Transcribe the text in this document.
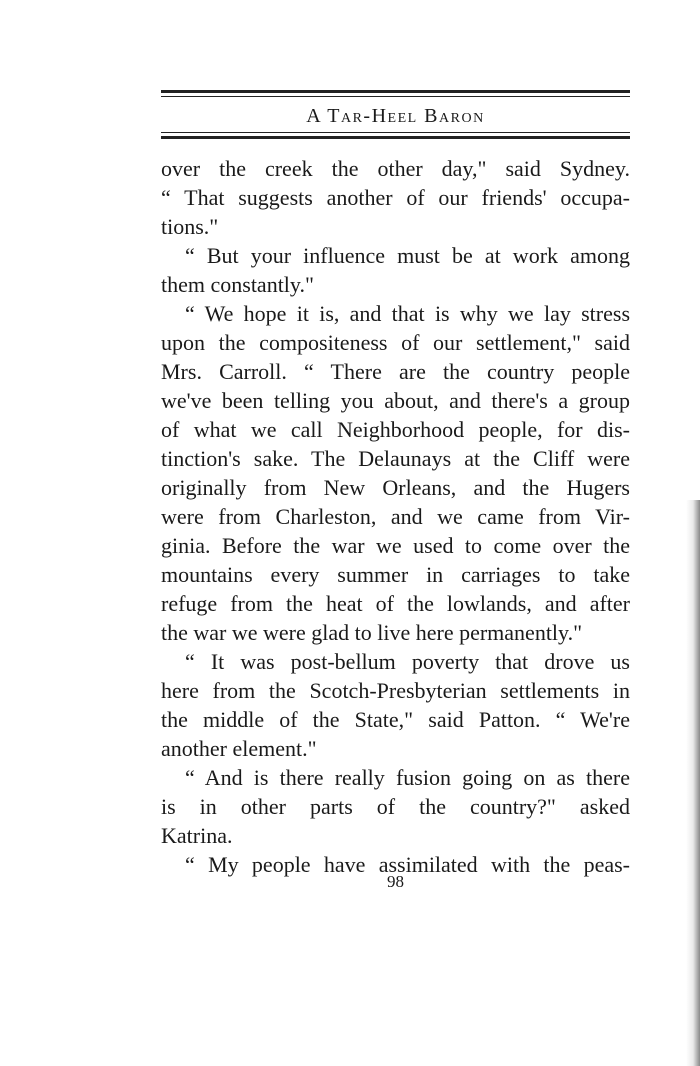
A Tar-Heel Baron
over the creek the other day," said Sydney.
“ That suggests another of our friends' occupa-
tions."
“ But your influence must be at work among
them constantly."
“ We hope it is, and that is why we lay stress
upon the compositeness of our settlement," said
Mrs. Carroll. “ There are the country people
we've been telling you about, and there's a group
of what we call Neighborhood people, for dis-
tinction's sake. The Delaunays at the Cliff were
originally from New Orleans, and the Hugers
were from Charleston, and we came from Vir-
ginia. Before the war we used to come over the
mountains every summer in carriages to take
refuge from the heat of the lowlands, and after
the war we were glad to live here permanently."
“ It was post-bellum poverty that drove us
here from the Scotch-Presbyterian settlements in
the middle of the State," said Patton. “ We're
another element."
“ And is there really fusion going on as there
is in other parts of the country?" asked
Katrina.
“ My people have assimilated with the peas-
98
